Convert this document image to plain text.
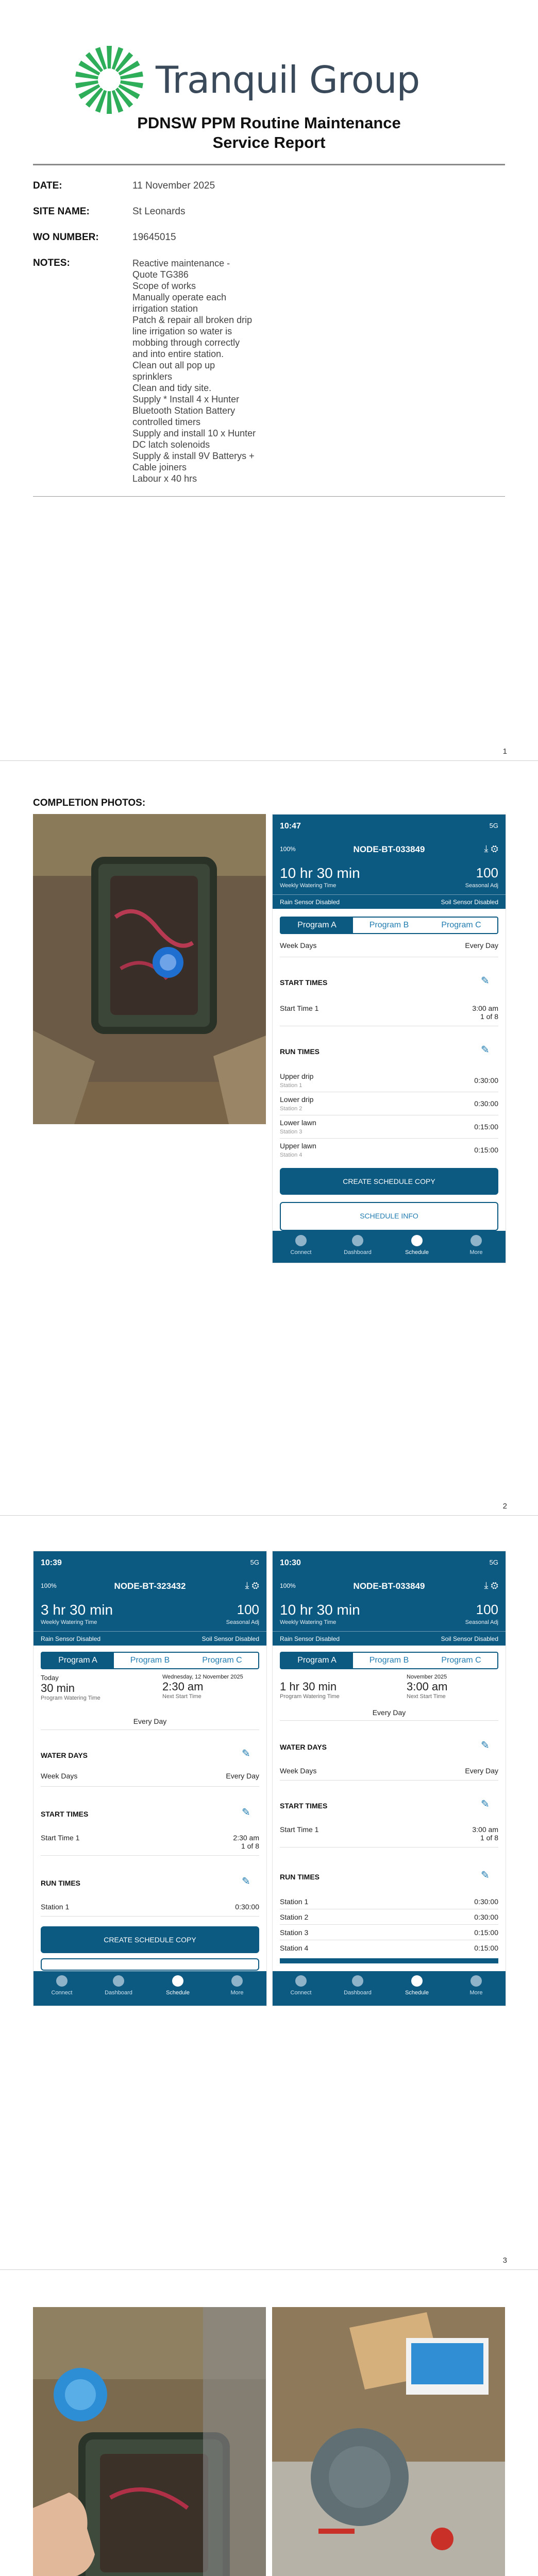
Tranquil Group
PDNSW PPM Routine Maintenance
Service Report
DATE:	11 November 2025
SITE NAME:	St Leonards
WO NUMBER:	19645015
NOTES:	Reactive maintenance -
Quote TG386
Scope of works
Manually operate each
irrigation station
Patch & repair all broken drip
line irrigation so water is
mobbing through correctly
and into entire station.
Clean out all pop up
sprinklers
Clean and tidy site.
Supply * Install 4 x Hunter
Bluetooth Station Battery
controlled timers
Supply and install 10 x Hunter
DC latch solenoids
Supply & install 9V Batterys +
Cable joiners
Labour x 40 hrs
1
COMPLETION PHOTOS:
10:47	5G
100%	NODE-BT-033849	⤓ ⚙
10 hr 30 min
Weekly Watering Time
100
Seasonal Adj
Rain Sensor Disabled	Soil Sensor Disabled
Program A	Program B	Program C
Week Days	Every Day
START TIMES	✎
Start Time 1	3:00 am
1 of 8
RUN TIMES	✎
Upper drip
Station 1
0:30:00
Lower drip
Station 2
0:30:00
Lower lawn
Station 3
0:15:00
Upper lawn
Station 4
0:15:00
CREATE SCHEDULE COPY
SCHEDULE INFO
Connect	Dashboard	Schedule	More
2
10:39	5G
100%	NODE-BT-323432	⤓ ⚙
3 hr 30 min
Weekly Watering Time
100
Seasonal Adj
Rain Sensor Disabled	Soil Sensor Disabled
Program A	Program B	Program C
Today
30 min
Program Watering Time
Wednesday, 12 November 2025
2:30 am
Next Start Time
Every Day
WATER DAYS	✎
Week Days	Every Day
START TIMES	✎
Start Time 1	2:30 am
1 of 8
RUN TIMES	✎
Station 1	0:30:00
CREATE SCHEDULE COPY
Connect	Dashboard	Schedule	More
10:30	5G
100%	NODE-BT-033849	⤓ ⚙
10 hr 30 min
Weekly Watering Time
100
Seasonal Adj
Rain Sensor Disabled	Soil Sensor Disabled
Program A	Program B	Program C
1 hr 30 min
Program Watering Time
November 2025
3:00 am
Next Start Time
Every Day
WATER DAYS	✎
Week Days	Every Day
START TIMES	✎
Start Time 1	3:00 am
1 of 8
RUN TIMES	✎
Station 1	0:30:00
Station 2	0:30:00
Station 3	0:15:00
Station 4	0:15:00
Connect	Dashboard	Schedule	More
3
